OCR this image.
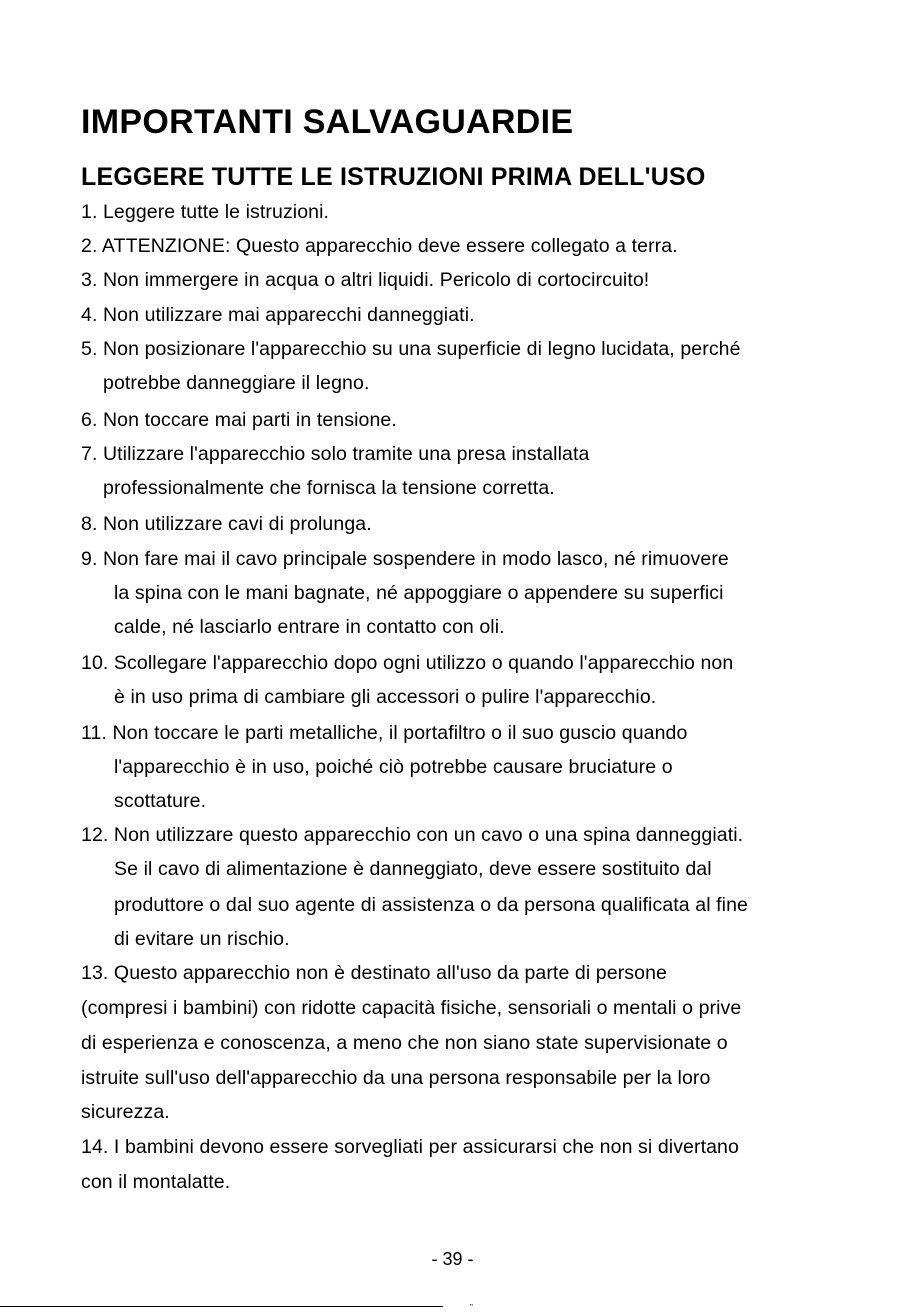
IMPORTANTI SALVAGUARDIE
LEGGERE TUTTE LE ISTRUZIONI PRIMA DELL'USO
1. Leggere tutte le istruzioni.
2. ATTENZIONE: Questo apparecchio deve essere collegato a terra.
3. Non immergere in acqua o altri liquidi. Pericolo di cortocircuito!
4. Non utilizzare mai apparecchi danneggiati.
5. Non posizionare l'apparecchio su una superficie di legno lucidata, perché
potrebbe danneggiare il legno.
6. Non toccare mai parti in tensione.
7. Utilizzare l'apparecchio solo tramite una presa installata
professionalmente che fornisca la tensione corretta.
8. Non utilizzare cavi di prolunga.
9. Non fare mai il cavo principale sospendere in modo lasco, né rimuovere
la spina con le mani bagnate, né appoggiare o appendere su superfici
calde, né lasciarlo entrare in contatto con oli.
10. Scollegare l'apparecchio dopo ogni utilizzo o quando l'apparecchio non
è in uso prima di cambiare gli accessori o pulire l'apparecchio.
11. Non toccare le parti metalliche, il portafiltro o il suo guscio quando
l'apparecchio è in uso, poiché ciò potrebbe causare bruciature o
scottature.
12. Non utilizzare questo apparecchio con un cavo o una spina danneggiati.
Se il cavo di alimentazione è danneggiato, deve essere sostituito dal
produttore o dal suo agente di assistenza o da persona qualificata al fine
di evitare un rischio.
13. Questo apparecchio non è destinato all'uso da parte di persone
(compresi i bambini) con ridotte capacità fisiche, sensoriali o mentali o prive
di esperienza e conoscenza, a meno che non siano state supervisionate o
istruite sull'uso dell'apparecchio da una persona responsabile per la loro
sicurezza.
14. I bambini devono essere sorvegliati per assicurarsi che non si divertano
con il montalatte.
- 39 -
"
